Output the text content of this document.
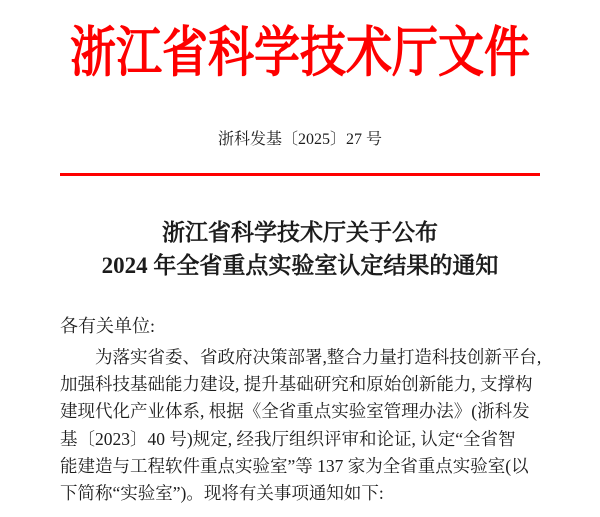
浙江省科学技术厅文件
浙科发基〔2025〕27 号
浙江省科学技术厅关于公布
2024 年全省重点实验室认定结果的通知
各有关单位:
为落实省委、省政府决策部署,整合力量打造科技创新平台,
加强科技基础能力建设, 提升基础研究和原始创新能力, 支撑构
建现代化产业体系, 根据《全省重点实验室管理办法》(浙科发
基〔2023〕40 号)规定, 经我厅组织评审和论证, 认定“全省智
能建造与工程软件重点实验室”等 137 家为全省重点实验室(以
下简称“实验室”)。现将有关事项通知如下:
